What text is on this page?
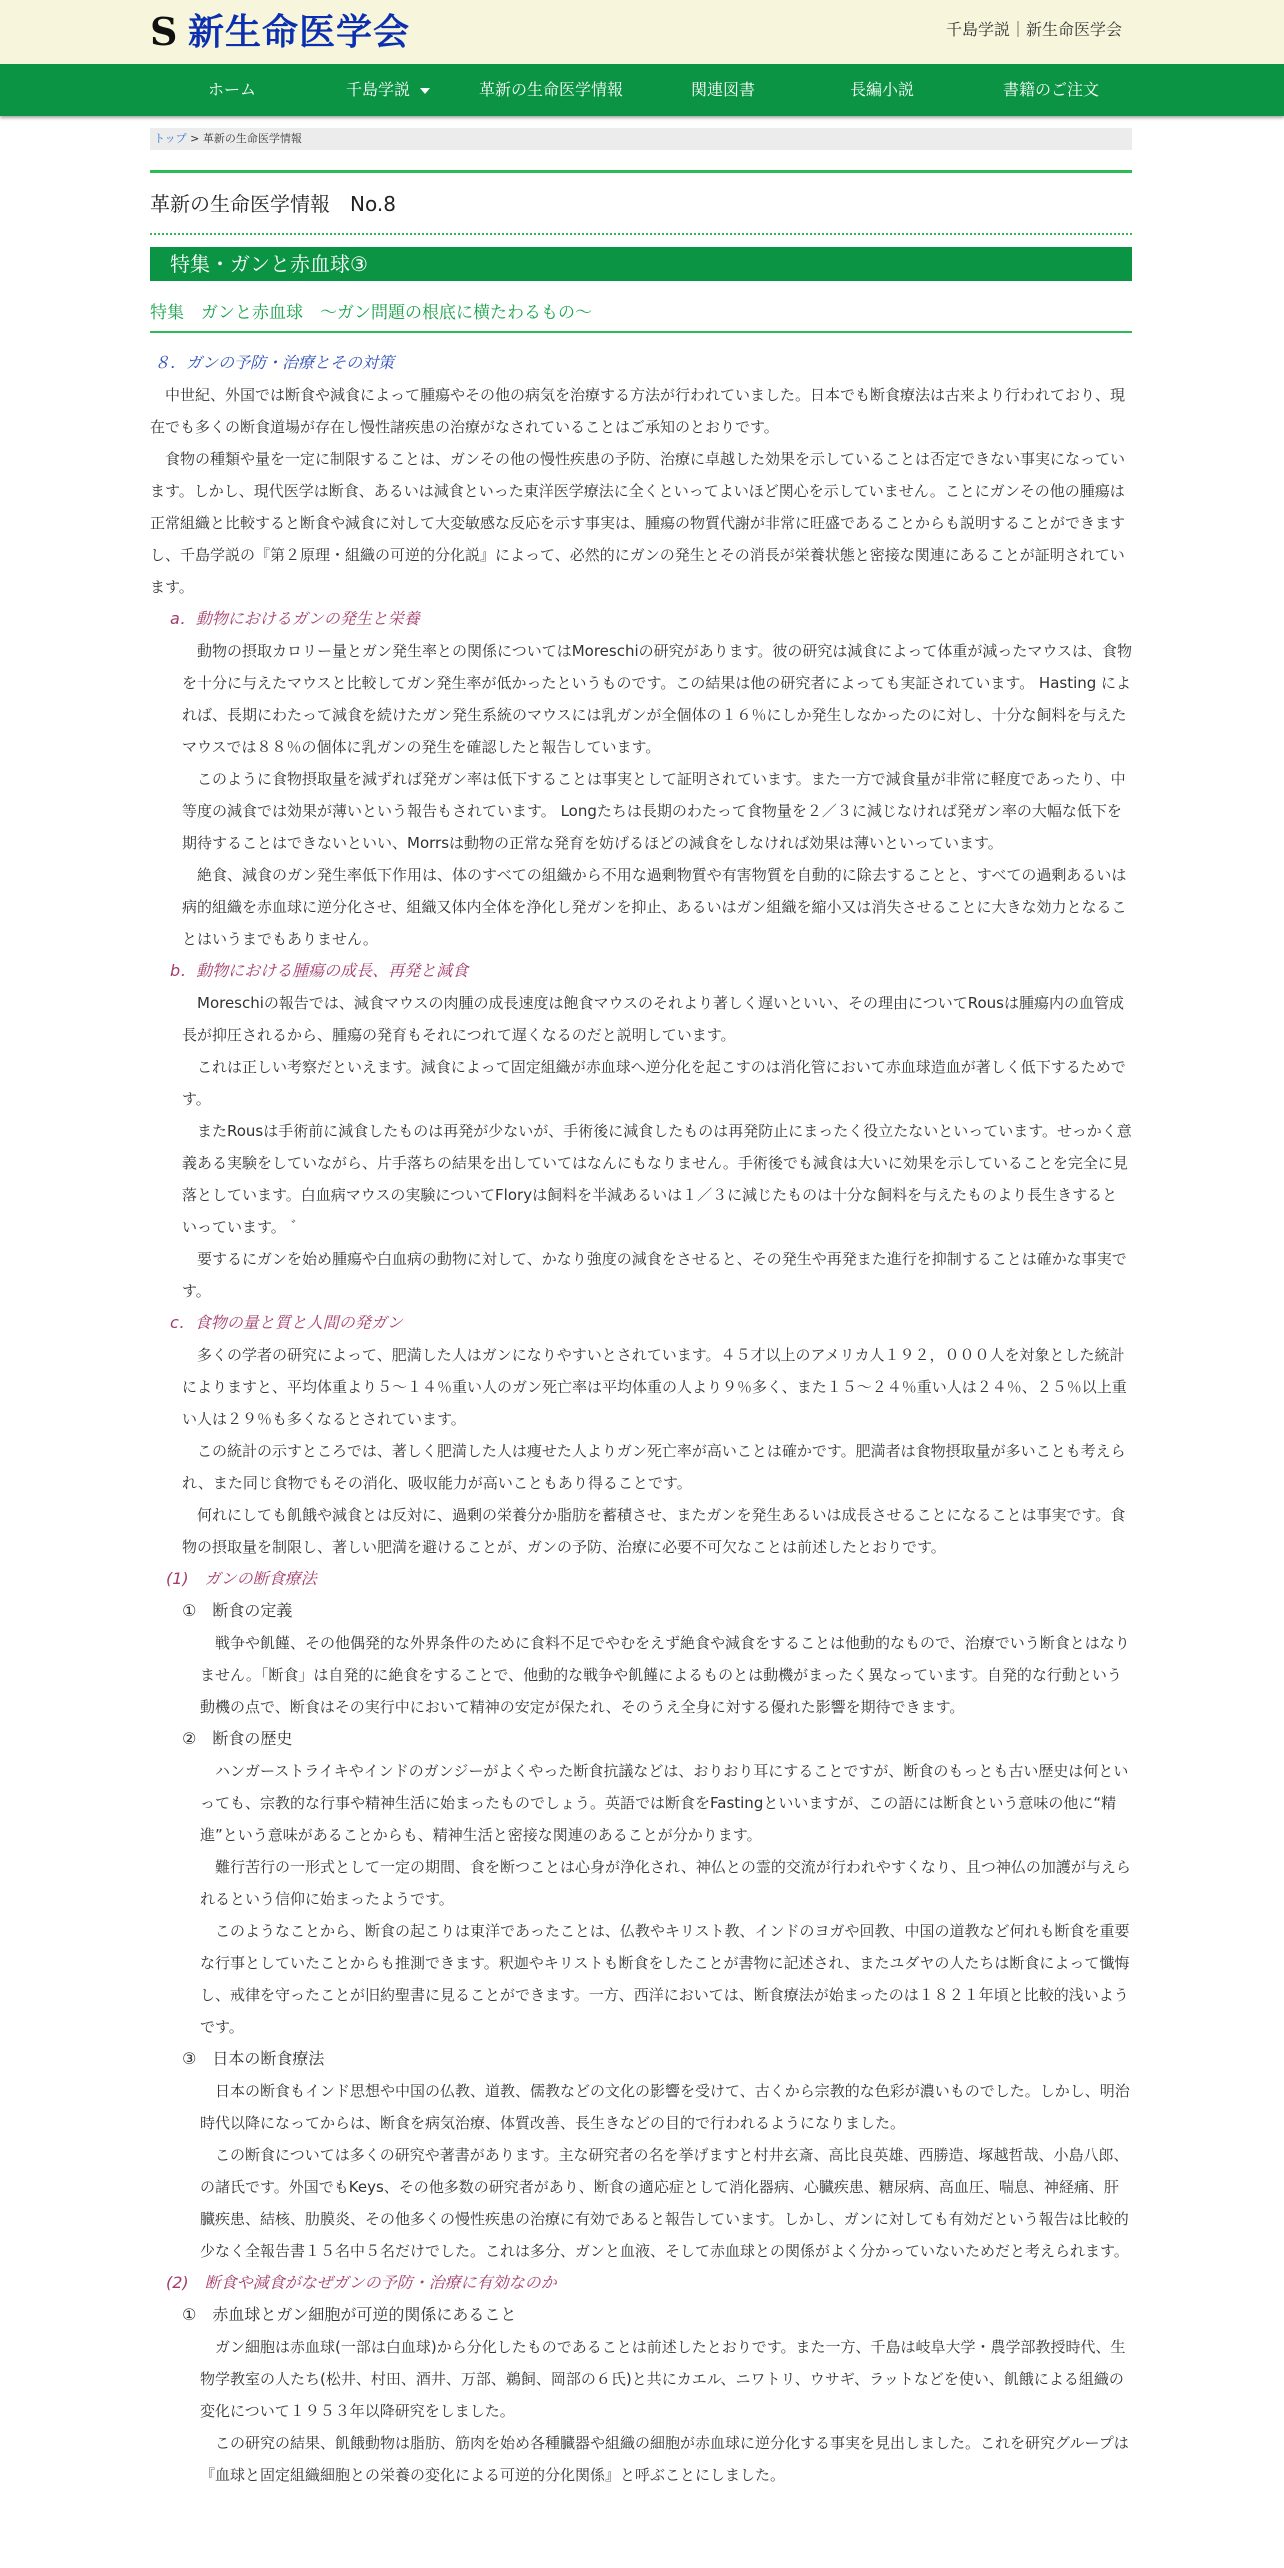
S 新生命医学会	千島学説｜新生命医学会
ホーム	千島学説	革新の生命医学情報	関連図書	長編小説	書籍のご注文
トップ > 革新の生命医学情報
革新の生命医学情報　No.8
特集・ガンと赤血球③
特集　ガンと赤血球　～ガン問題の根底に横たわるもの～
８．ガンの予防・治療とその対策

中世紀、外国では断食や減食によって腫瘍やその他の病気を治療する方法が行われていました。日本でも断食療法は古来より行われており、現在でも多くの断食道場が存在し慢性諸疾患の治療がなされていることはご承知のとおりです。

食物の種類や量を一定に制限することは、ガンその他の慢性疾患の予防、治療に卓越した効果を示していることは否定できない事実になっています。しかし、現代医学は断食、あるいは減食といった東洋医学療法に全くといってよいほど関心を示していません。ことにガンその他の腫瘍は正常組織と比較すると断食や減食に対して大変敏感な反応を示す事実は、腫瘍の物質代謝が非常に旺盛であることからも説明することができますし、千島学説の『第２原理・組織の可逆的分化説』によって、必然的にガンの発生とその消長が栄養状態と密接な関連にあることが証明されています。

a．動物におけるガンの発生と栄養

動物の摂取カロリー量とガン発生率との関係についてはMoreschiの研究があります。彼の研究は減食によって体重が減ったマウスは、食物を十分に与えたマウスと比較してガン発生率が低かったというものです。この結果は他の研究者によっても実証されています。 Hasting によれば、長期にわたって減食を続けたガン発生系統のマウスには乳ガンが全個体の１６％にしか発生しなかったのに対し、十分な飼料を与えたマウスでは８８％の個体に乳ガンの発生を確認したと報告しています。

このように食物摂取量を減ずれば発ガン率は低下することは事実として証明されています。また一方で減食量が非常に軽度であったり、中等度の減食では効果が薄いという報告もされています。 Longたちは長期のわたって食物量を２／３に減じなければ発ガン率の大幅な低下を期待することはできないといい、Morrsは動物の正常な発育を妨げるほどの減食をしなければ効果は薄いといっています。

絶食、減食のガン発生率低下作用は、体のすべての組織から不用な過剰物質や有害物質を自動的に除去することと、すべての過剰あるいは病的組織を赤血球に逆分化させ、組織又体内全体を浄化し発ガンを抑止、あるいはガン組織を縮小又は消失させることに大きな効力となることはいうまでもありません。

b．動物における腫瘍の成長、再発と減食

Moreschiの報告では、減食マウスの肉腫の成長速度は飽食マウスのそれより著しく遅いといい、その理由についてRousは腫瘍内の血管成長が抑圧されるから、腫瘍の発育もそれにつれて遅くなるのだと説明しています。

これは正しい考察だといえます。減食によって固定組織が赤血球へ逆分化を起こすのは消化管において赤血球造血が著しく低下するためです。

またRousは手術前に減食したものは再発が少ないが、手術後に減食したものは再発防止にまったく役立たないといっています。せっかく意義ある実験をしていながら、片手落ちの結果を出していてはなんにもなりません。手術後でも減食は大いに効果を示していることを完全に見落としています。白血病マウスの実験についてFloryは飼料を半減あるいは１／３に減じたものは十分な飼料を与えたものより長生きするといっています。 ゛

要するにガンを始め腫瘍や白血病の動物に対して、かなり強度の減食をさせると、その発生や再発また進行を抑制することは確かな事実です。

c．食物の量と質と人間の発ガン

多くの学者の研究によって、肥満した人はガンになりやすいとされています。４５才以上のアメリカ人１９２，０００人を対象とした統計によりますと、平均体重より５～１４％重い人のガン死亡率は平均体重の人より９％多く、また１５～２４％重い人は２４％、２５％以上重い人は２９％も多くなるとされています。

この統計の示すところでは、著しく肥満した人は痩せた人よりガン死亡率が高いことは確かです。肥満者は食物摂取量が多いことも考えられ、また同じ食物でもその消化、吸収能力が高いこともあり得ることです。

何れにしても飢餓や減食とは反対に、過剰の栄養分か脂肪を蓄積させ、またガンを発生あるいは成長させることになることは事実です。食物の摂取量を制限し、著しい肥満を避けることが、ガンの予防、治療に必要不可欠なことは前述したとおりです。

(1)　ガンの断食療法
①　断食の定義

戦争や飢饉、その他偶発的な外界条件のために食料不足でやむをえず絶食や減食をすることは他動的なもので、治療でいう断食とはなりません。「断食」は自発的に絶食をすることで、他動的な戦争や飢饉によるものとは動機がまったく異なっています。自発的な行動という動機の点で、断食はその実行中において精神の安定が保たれ、そのうえ全身に対する優れた影響を期待できます。

②　断食の歴史

ハンガーストライキやインドのガンジーがよくやった断食抗議などは、おりおり耳にすることですが、断食のもっとも古い歴史は何といっても、宗教的な行事や精神生活に始まったものでしょう。英語では断食をFastingといいますが、この語には断食という意味の他に“精進”という意味があることからも、精神生活と密接な関連のあることが分かります。

難行苦行の一形式として一定の期間、食を断つことは心身が浄化され、神仏との霊的交流が行われやすくなり、且つ神仏の加護が与えられるという信仰に始まったようです。

このようなことから、断食の起こりは東洋であったことは、仏教やキリスト教、インドのヨガや回教、中国の道教など何れも断食を重要な行事としていたことからも推測できます。釈迦やキリストも断食をしたことが書物に記述され、またユダヤの人たちは断食によって懺悔し、戒律を守ったことが旧約聖書に見ることができます。一方、西洋においては、断食療法が始まったのは１８２１年頃と比較的浅いようです。

③　日本の断食療法

日本の断食もインド思想や中国の仏教、道教、儒教などの文化の影響を受けて、古くから宗教的な色彩が濃いものでした。しかし、明治時代以降になってからは、断食を病気治療、体質改善、長生きなどの目的で行われるようになりました。

この断食については多くの研究や著書があります。主な研究者の名を挙げますと村井玄斎、高比良英雄、西勝造、塚越哲哉、小島八郎、の諸氏です。外国でもKeys、その他多数の研究者があり、断食の適応症として消化器病、心臓疾患、糖尿病、高血圧、喘息、神経痛、肝臓疾患、結核、肋膜炎、その他多くの慢性疾患の治療に有効であると報告しています。しかし、ガンに対しても有効だという報告は比較的少なく全報告書１５名中５名だけでした。これは多分、ガンと血液、そして赤血球との関係がよく分かっていないためだと考えられます。

(2)　断食や減食がなぜガンの予防・治療に有効なのか
①　赤血球とガン細胞が可逆的関係にあること

ガン細胞は赤血球(一部は白血球)から分化したものであることは前述したとおりです。また一方、千島は岐阜大学・農学部教授時代、生物学教室の人たち(松井、村田、酒井、万部、鵜飼、岡部の６氏)と共にカエル、ニワトリ、ウサギ、ラットなどを使い、飢餓による組織の変化について１９５３年以降研究をしました。

この研究の結果、飢餓動物は脂肪、筋肉を始め各種臓器や組織の細胞が赤血球に逆分化する事実を見出しました。これを研究グループは『血球と固定組織細胞との栄養の変化による可逆的分化関係』と呼ぶことにしました。
